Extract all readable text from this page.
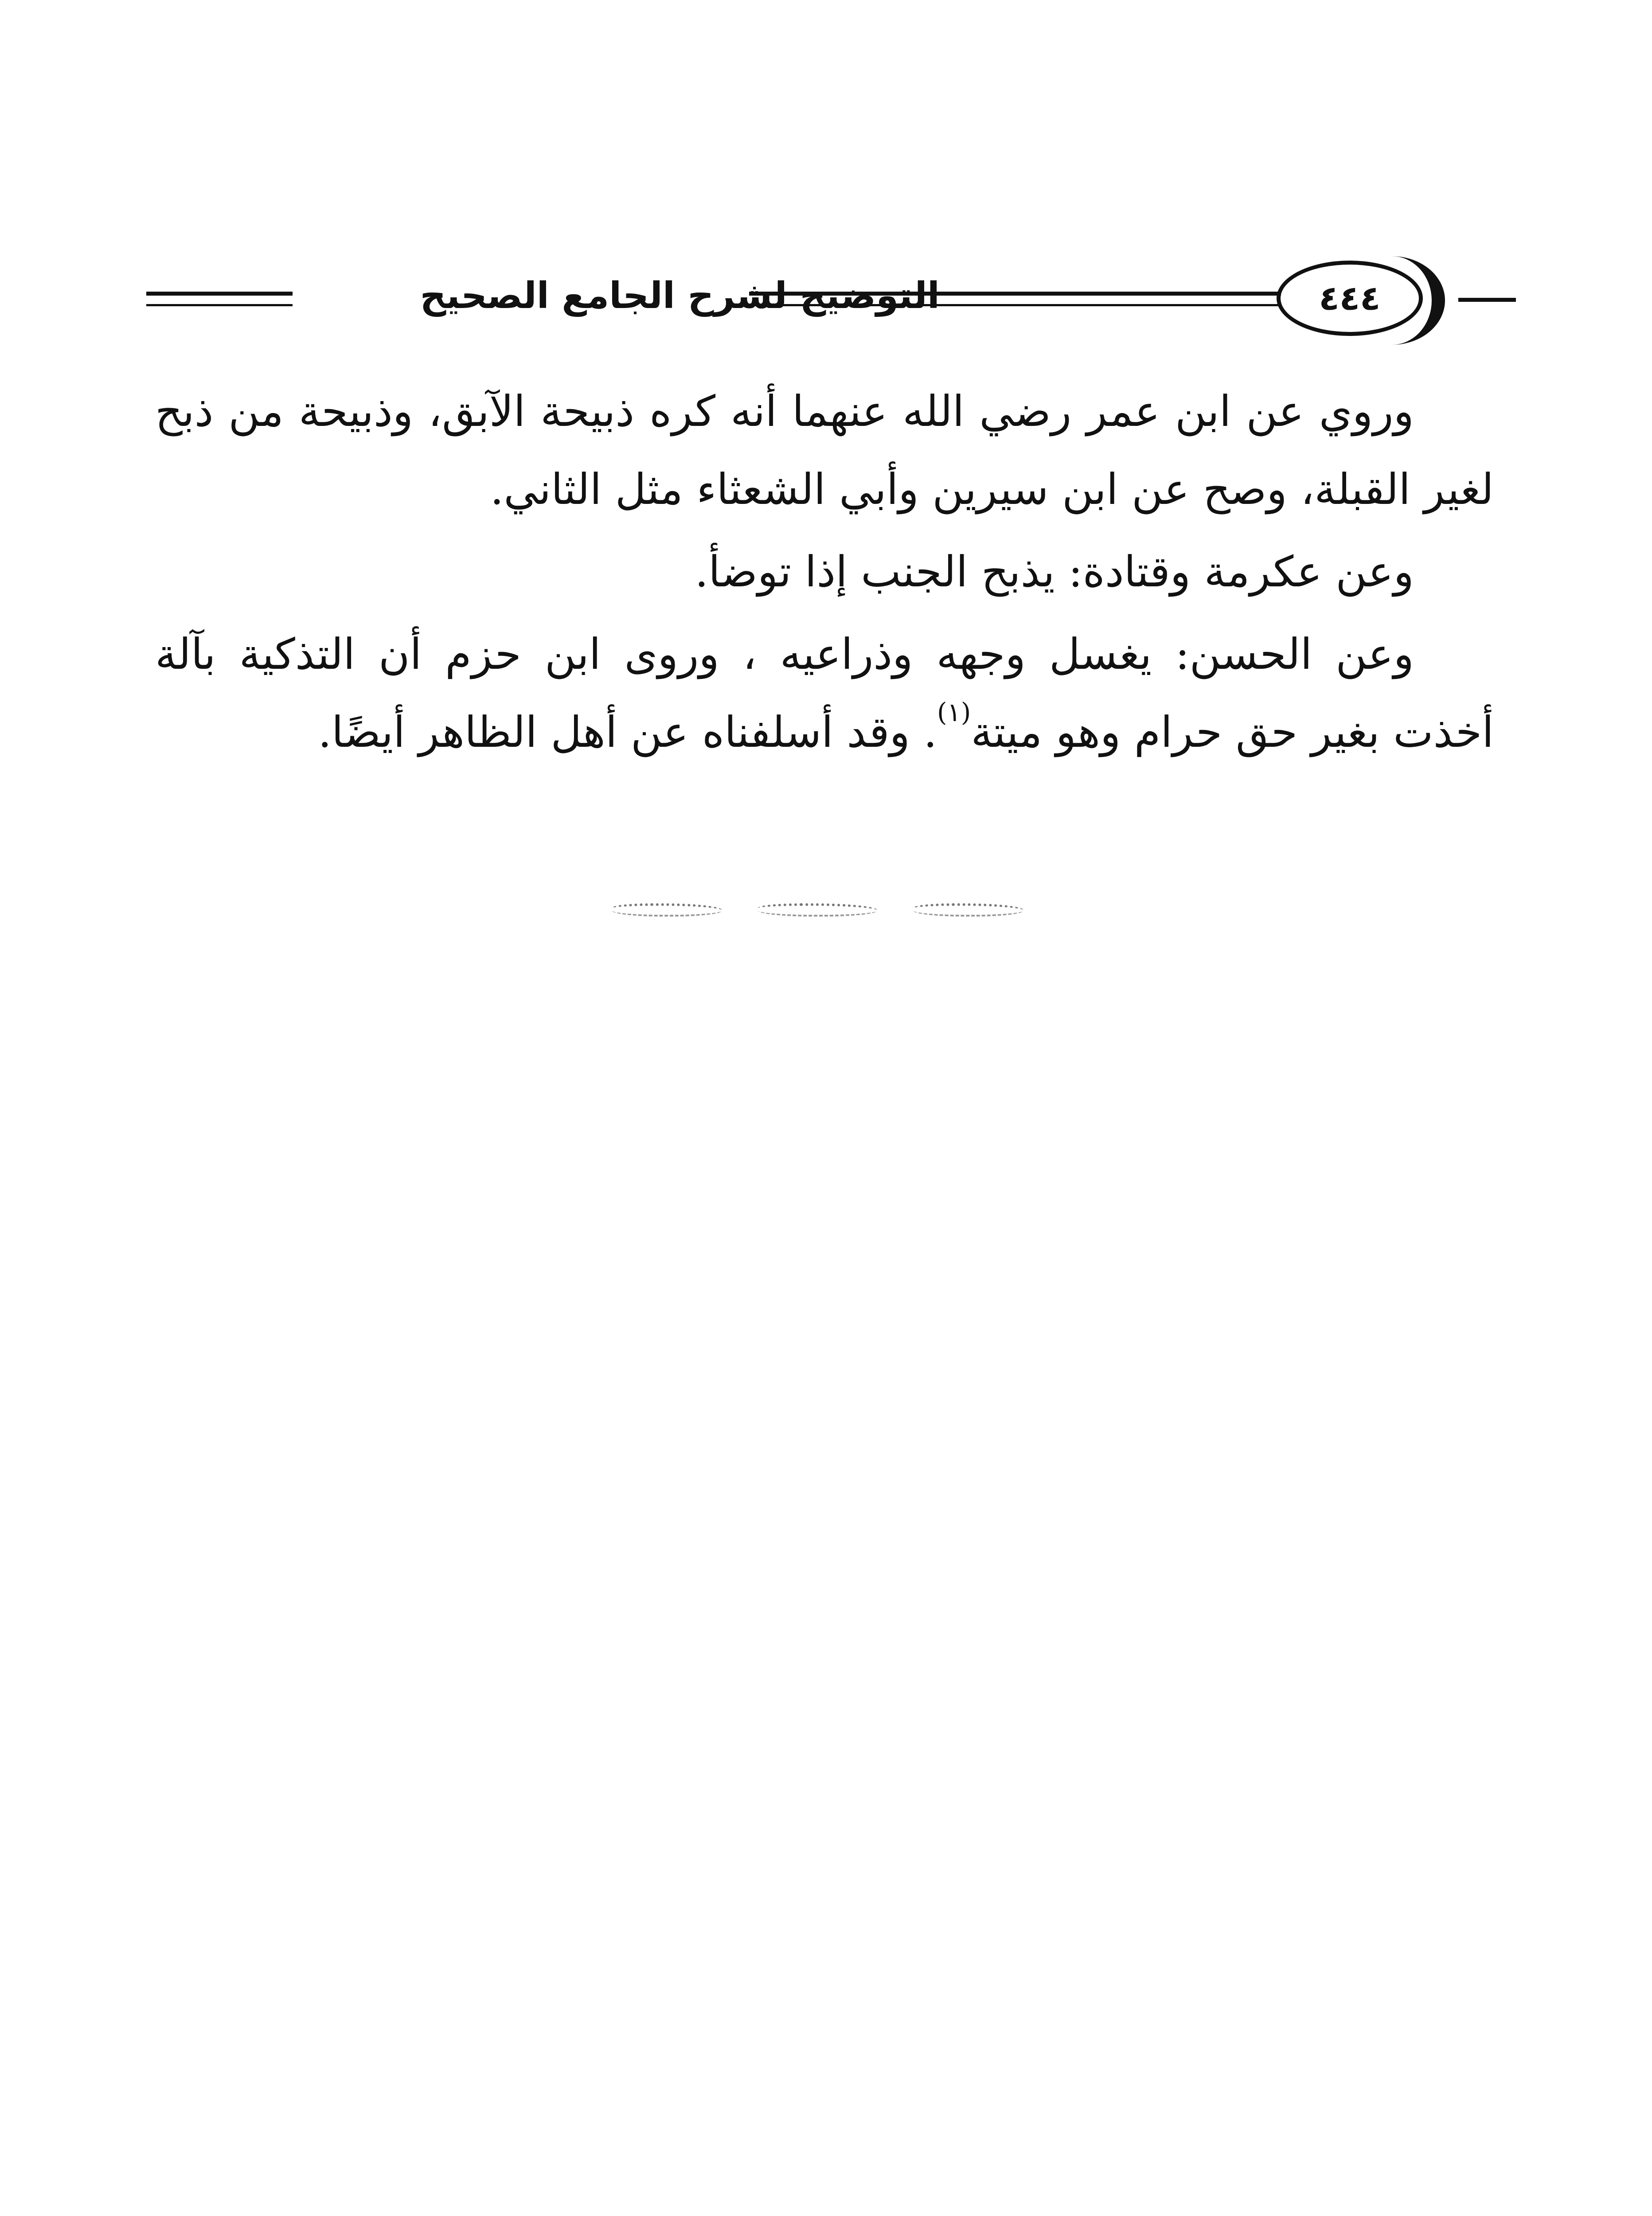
التوضيح لشرح الجامع الصحيح	٤٤٤

وروي عن ابن عمر رضي الله عنهما أنه كره ذبيحة الآبق، وذبيحة من ذبح لغير القبلة، وصح عن ابن سيرين وأبي الشعثاء مثل الثاني.

وعن عكرمة وقتادة: يذبح الجنب إذا توضأ.

وعن الحسن: يغسل وجهه وذراعيه ، وروى ابن حزم أن التذكية بآلة أخذت بغير حق حرام وهو ميتة$^{(١)}$. وقد أسلفناه عن أهل الظاهر أيضًا.
